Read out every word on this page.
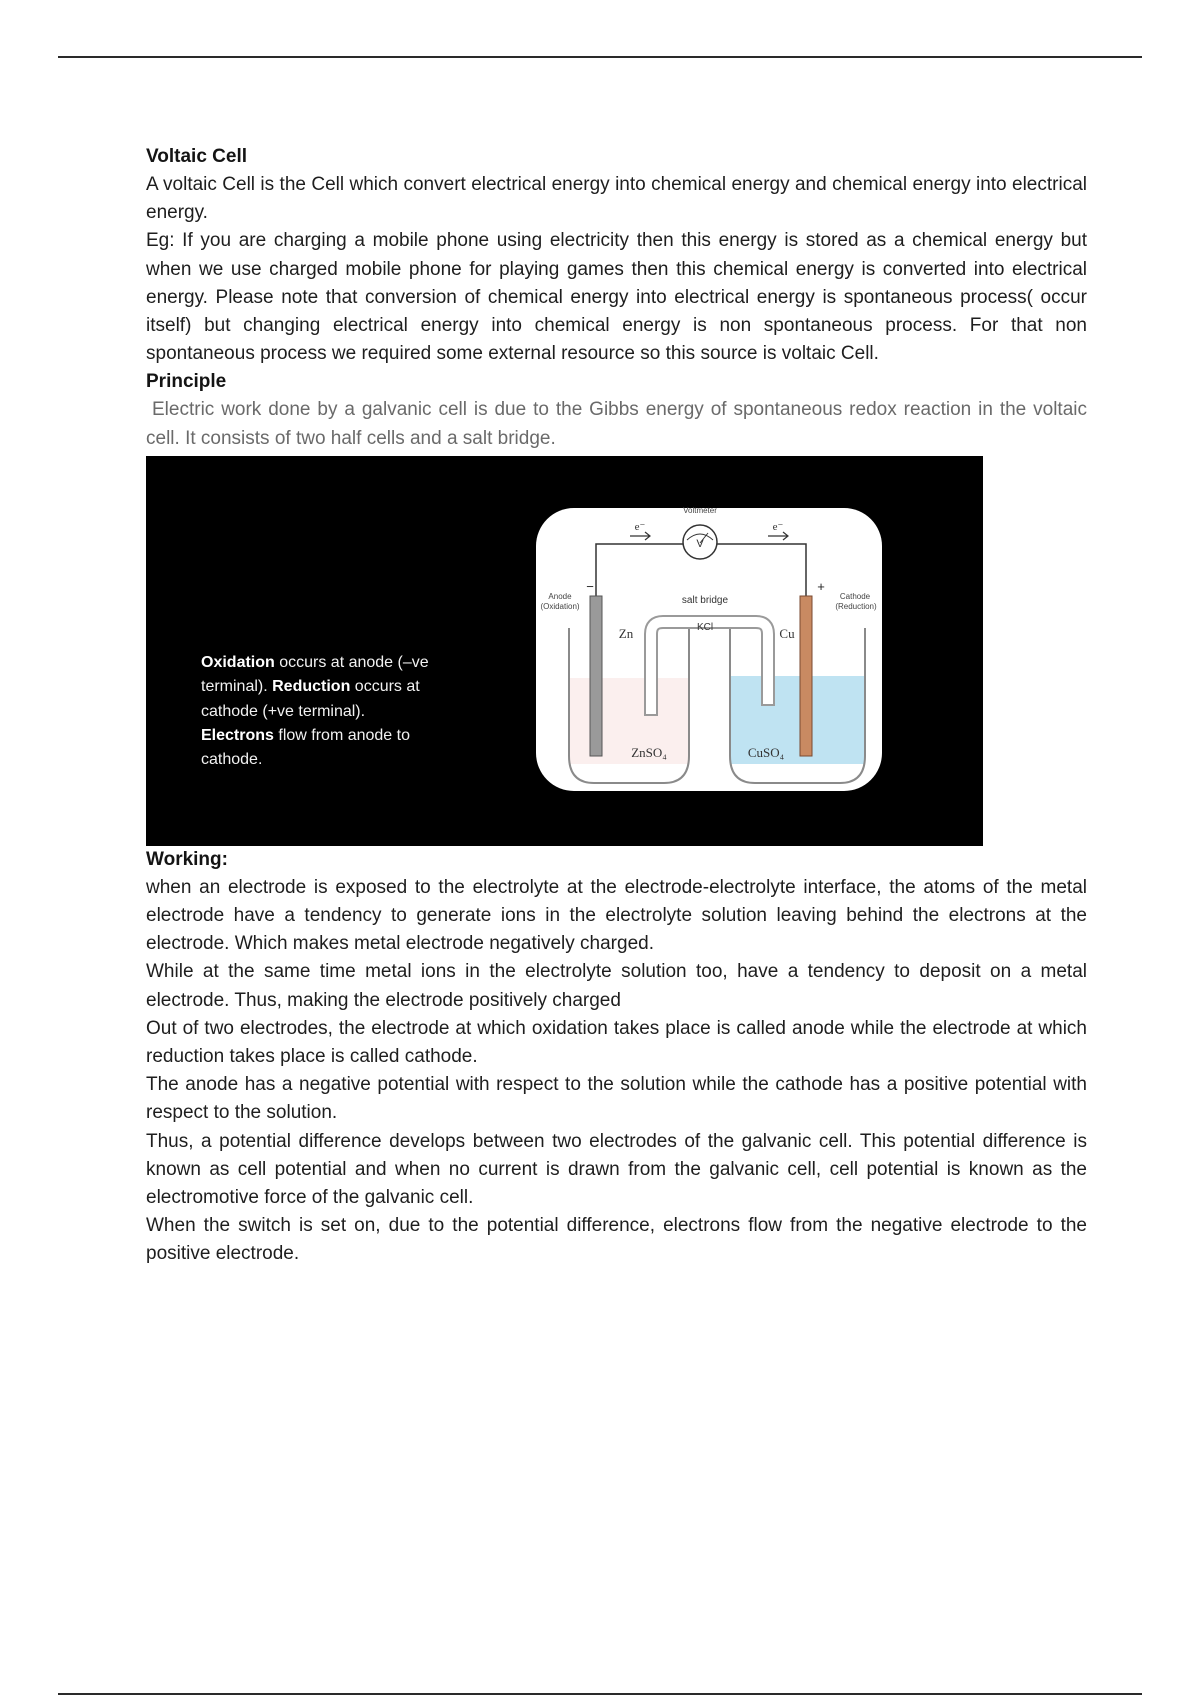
Voltaic Cell

A voltaic Cell is the Cell which convert electrical energy into chemical energy and chemical energy into electrical energy.

Eg: If you are charging a mobile phone using electricity then this energy is stored as a chemical energy but when we use charged mobile phone for playing games then this chemical energy is converted into electrical energy. Please note that conversion of chemical energy into electrical energy is spontaneous process( occur itself) but changing electrical energy into chemical energy is non spontaneous process. For that non spontaneous process we required some external resource so this source is voltaic Cell.

Principle

Electric work done by a galvanic cell is due to the Gibbs energy of spontaneous redox reaction in the voltaic cell. It consists of two half cells and a salt bridge.

Oxidation occurs at anode (–ve terminal). Reduction occurs at cathode (+ve terminal).
Electrons flow from anode to cathode.
Voltmeter
V
e⁻	e⁻
Anode
(Oxidation)
Cathode
(Reduction)
−	+
Zn	Cu
salt bridge
KCl
ZnSO₄	CuSO₄
Working:

when an electrode is exposed to the electrolyte at the electrode-electrolyte interface, the atoms of the metal electrode have a tendency to generate ions in the electrolyte solution leaving behind the electrons at the electrode. Which makes metal electrode negatively charged.

While at the same time metal ions in the electrolyte solution too, have a tendency to deposit on a metal electrode. Thus, making the electrode positively charged

Out of two electrodes, the electrode at which oxidation takes place is called anode while the electrode at which reduction takes place is called cathode.

The anode has a negative potential with respect to the solution while the cathode has a positive potential with respect to the solution.

Thus, a potential difference develops between two electrodes of the galvanic cell. This potential difference is known as cell potential and when no current is drawn from the galvanic cell, cell potential is known as the electromotive force of the galvanic cell.

When the switch is set on, due to the potential difference, electrons flow from the negative electrode to the positive electrode.
